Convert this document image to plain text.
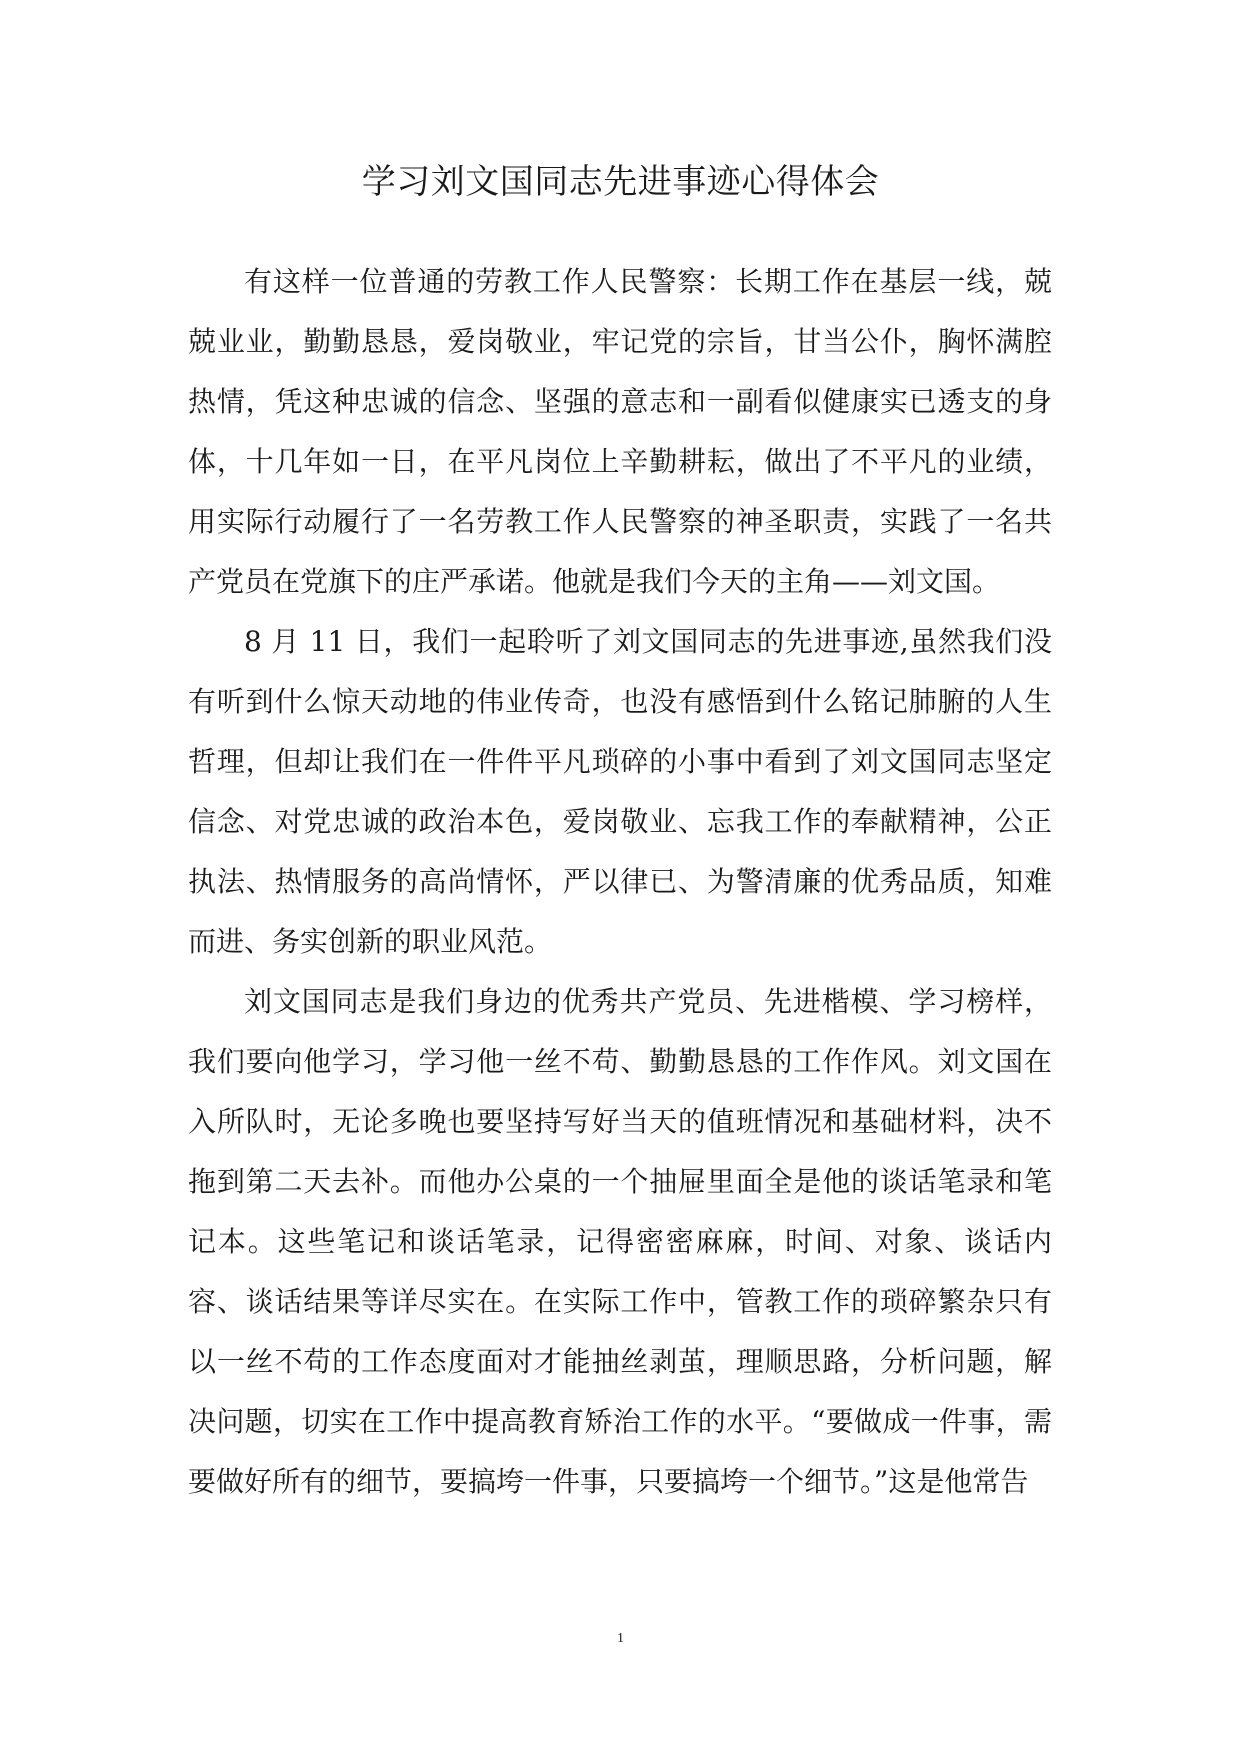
学习刘文国同志先进事迹心得体会

有这样一位普通的劳教工作人民警察：长期工作在基层一线，兢兢业业，勤勤恳恳，爱岗敬业，牢记党的宗旨，甘当公仆，胸怀满腔热情，凭这种忠诚的信念、坚强的意志和一副看似健康实已透支的身体，十几年如一日，在平凡岗位上辛勤耕耘，做出了不平凡的业绩，用实际行动履行了一名劳教工作人民警察的神圣职责，实践了一名共产党员在党旗下的庄严承诺。他就是我们今天的主角——刘文国。

8 月 11 日，我们一起聆听了刘文国同志的先进事迹,虽然我们没有听到什么惊天动地的伟业传奇，也没有感悟到什么铭记肺腑的人生哲理，但却让我们在一件件平凡琐碎的小事中看到了刘文国同志坚定信念、对党忠诚的政治本色，爱岗敬业、忘我工作的奉献精神，公正执法、热情服务的高尚情怀，严以律已、为警清廉的优秀品质，知难而进、务实创新的职业风范。

刘文国同志是我们身边的优秀共产党员、先进楷模、学习榜样，我们要向他学习，学习他一丝不苟、勤勤恳恳的工作作风。刘文国在入所队时，无论多晚也要坚持写好当天的值班情况和基础材料，决不拖到第二天去补。而他办公桌的一个抽屉里面全是他的谈话笔录和笔记本。这些笔记和谈话笔录，记得密密麻麻，时间、对象、谈话内容、谈话结果等详尽实在。在实际工作中，管教工作的琐碎繁杂只有以一丝不苟的工作态度面对才能抽丝剥茧，理顺思路，分析问题，解决问题，切实在工作中提高教育矫治工作的水平。“要做成一件事，需要做好所有的细节，要搞垮一件事，只要搞垮一个细节。”这是他常告

1
